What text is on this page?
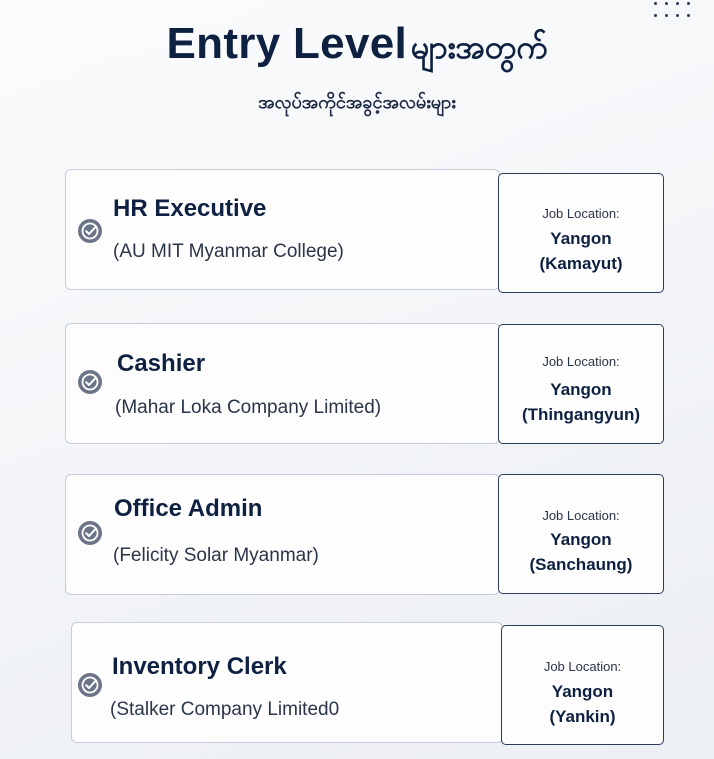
Entry Level များအတွက်
အလုပ်အကိုင်အခွင့်အလမ်းများ
HR Executive
(AU MIT Myanmar College)
Job Location:
Yangon
(Kamayut)
Cashier
(Mahar Loka Company Limited)
Job Location:
Yangon
(Thingangyun)
Office Admin
(Felicity Solar Myanmar)
Job Location:
Yangon
(Sanchaung)
Inventory Clerk
(Stalker Company Limited0
Job Location:
Yangon
(Yankin)
